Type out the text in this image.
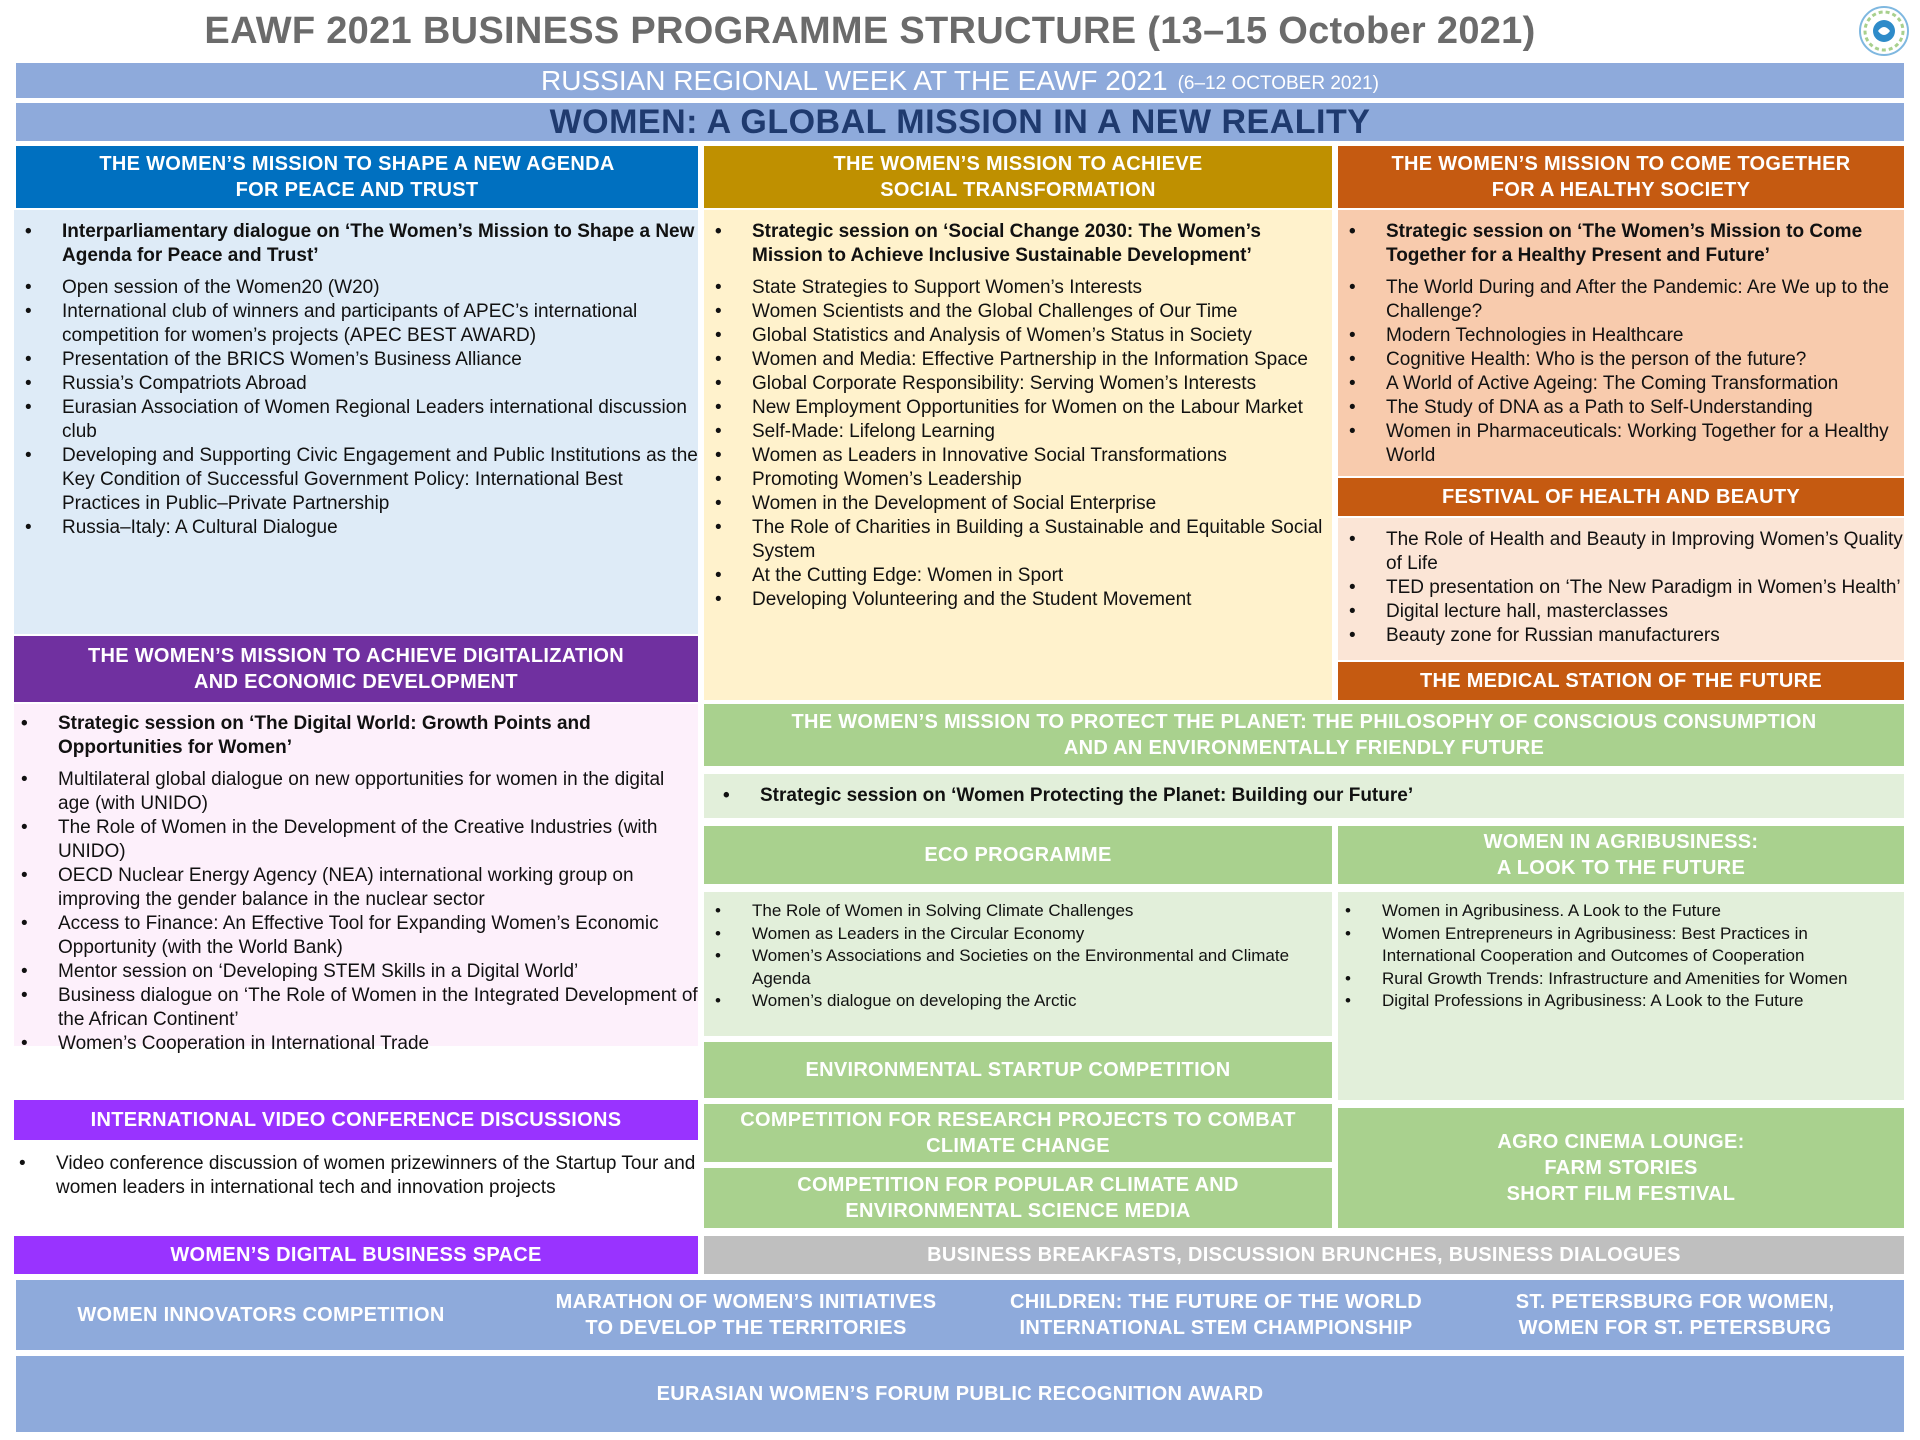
EAWF 2021 BUSINESS PROGRAMME STRUCTURE (13–15 October 2021)
RUSSIAN REGIONAL WEEK AT THE EAWF 2021 (6–12 OCTOBER 2021)
WOMEN: A GLOBAL MISSION IN A NEW REALITY
THE WOMEN’S MISSION TO SHAPE A NEW AGENDA
FOR PEACE AND TRUST
• Interparliamentary dialogue on ‘The Women’s Mission to Shape a New Agenda for Peace and Trust’
• Open session of the Women20 (W20)
• International club of winners and participants of APEC’s international competition for women’s projects (APEC BEST AWARD)
• Presentation of the BRICS Women’s Business Alliance
• Russia’s Compatriots Abroad
• Eurasian Association of Women Regional Leaders international discussion club
• Developing and Supporting Civic Engagement and Public Institutions as the Key Condition of Successful Government Policy: International Best Practices in Public–Private Partnership
• Russia–Italy: A Cultural Dialogue
THE WOMEN’S MISSION TO ACHIEVE
SOCIAL TRANSFORMATION
• Strategic session on ‘Social Change 2030: The Women’s Mission to Achieve Inclusive Sustainable Development’
• State Strategies to Support Women’s Interests
• Women Scientists and the Global Challenges of Our Time
• Global Statistics and Analysis of Women’s Status in Society
• Women and Media: Effective Partnership in the Information Space
• Global Corporate Responsibility: Serving Women’s Interests
• New Employment Opportunities for Women on the Labour Market
• Self-Made: Lifelong Learning
• Women as Leaders in Innovative Social Transformations
• Promoting Women’s Leadership
• Women in the Development of Social Enterprise
• The Role of Charities in Building a Sustainable and Equitable Social System
• At the Cutting Edge: Women in Sport
• Developing Volunteering and the Student Movement
THE WOMEN’S MISSION TO COME TOGETHER
FOR A HEALTHY SOCIETY
• Strategic session on ‘The Women’s Mission to Come Together for a Healthy Present and Future’
• The World During and After the Pandemic: Are We up to the Challenge?
• Modern Technologies in Healthcare
• Cognitive Health: Who is the person of the future?
• A World of Active Ageing: The Coming Transformation
• The Study of DNA as a Path to Self-Understanding
• Women in Pharmaceuticals: Working Together for a Healthy World
FESTIVAL OF HEALTH AND BEAUTY
• The Role of Health and Beauty in Improving Women’s Quality of Life
• TED presentation on ‘The New Paradigm in Women’s Health’
• Digital lecture hall, masterclasses
• Beauty zone for Russian manufacturers
THE MEDICAL STATION OF THE FUTURE
THE WOMEN’S MISSION TO ACHIEVE DIGITALIZATION
AND ECONOMIC DEVELOPMENT
• Strategic session on ‘The Digital World: Growth Points and Opportunities for Women’
• Multilateral global dialogue on new opportunities for women in the digital age (with UNIDO)
• The Role of Women in the Development of the Creative Industries (with UNIDO)
• OECD Nuclear Energy Agency (NEA) international working group on improving the gender balance in the nuclear sector
• Access to Finance: An Effective Tool for Expanding Women’s Economic Opportunity (with the World Bank)
• Mentor session on ‘Developing STEM Skills in a Digital World’
• Business dialogue on ‘The Role of Women in the Integrated Development of the African Continent’
• Women’s Cooperation in International Trade
THE WOMEN’S MISSION TO PROTECT THE PLANET: THE PHILOSOPHY OF CONSCIOUS CONSUMPTION
AND AN ENVIRONMENTALLY FRIENDLY FUTURE
• Strategic session on ‘Women Protecting the Planet: Building our Future’
ECO PROGRAMME
• The Role of Women in Solving Climate Challenges
• Women as Leaders in the Circular Economy
• Women’s Associations and Societies on the Environmental and Climate Agenda
• Women’s dialogue on developing the Arctic
ENVIRONMENTAL STARTUP COMPETITION
COMPETITION FOR RESEARCH PROJECTS TO COMBAT
CLIMATE CHANGE
COMPETITION FOR POPULAR CLIMATE AND
ENVIRONMENTAL SCIENCE MEDIA
WOMEN IN AGRIBUSINESS:
A LOOK TO THE FUTURE
• Women in Agribusiness. A Look to the Future
• Women Entrepreneurs in Agribusiness: Best Practices in International Cooperation and Outcomes of Cooperation
• Rural Growth Trends: Infrastructure and Amenities for Women
• Digital Professions in Agribusiness: A Look to the Future
AGRO CINEMA LOUNGE:
FARM STORIES
SHORT FILM FESTIVAL
INTERNATIONAL VIDEO CONFERENCE DISCUSSIONS
• Video conference discussion of women prizewinners of the Startup Tour and women leaders in international tech and innovation projects
WOMEN’S DIGITAL BUSINESS SPACE	BUSINESS BREAKFASTS, DISCUSSION BRUNCHES, BUSINESS DIALOGUES
WOMEN INNOVATORS COMPETITION
MARATHON OF WOMEN’S INITIATIVES
TO DEVELOP THE TERRITORIES
CHILDREN: THE FUTURE OF THE WORLD
INTERNATIONAL STEM CHAMPIONSHIP
ST. PETERSBURG FOR WOMEN,
WOMEN FOR ST. PETERSBURG
EURASIAN WOMEN’S FORUM PUBLIC RECOGNITION AWARD
